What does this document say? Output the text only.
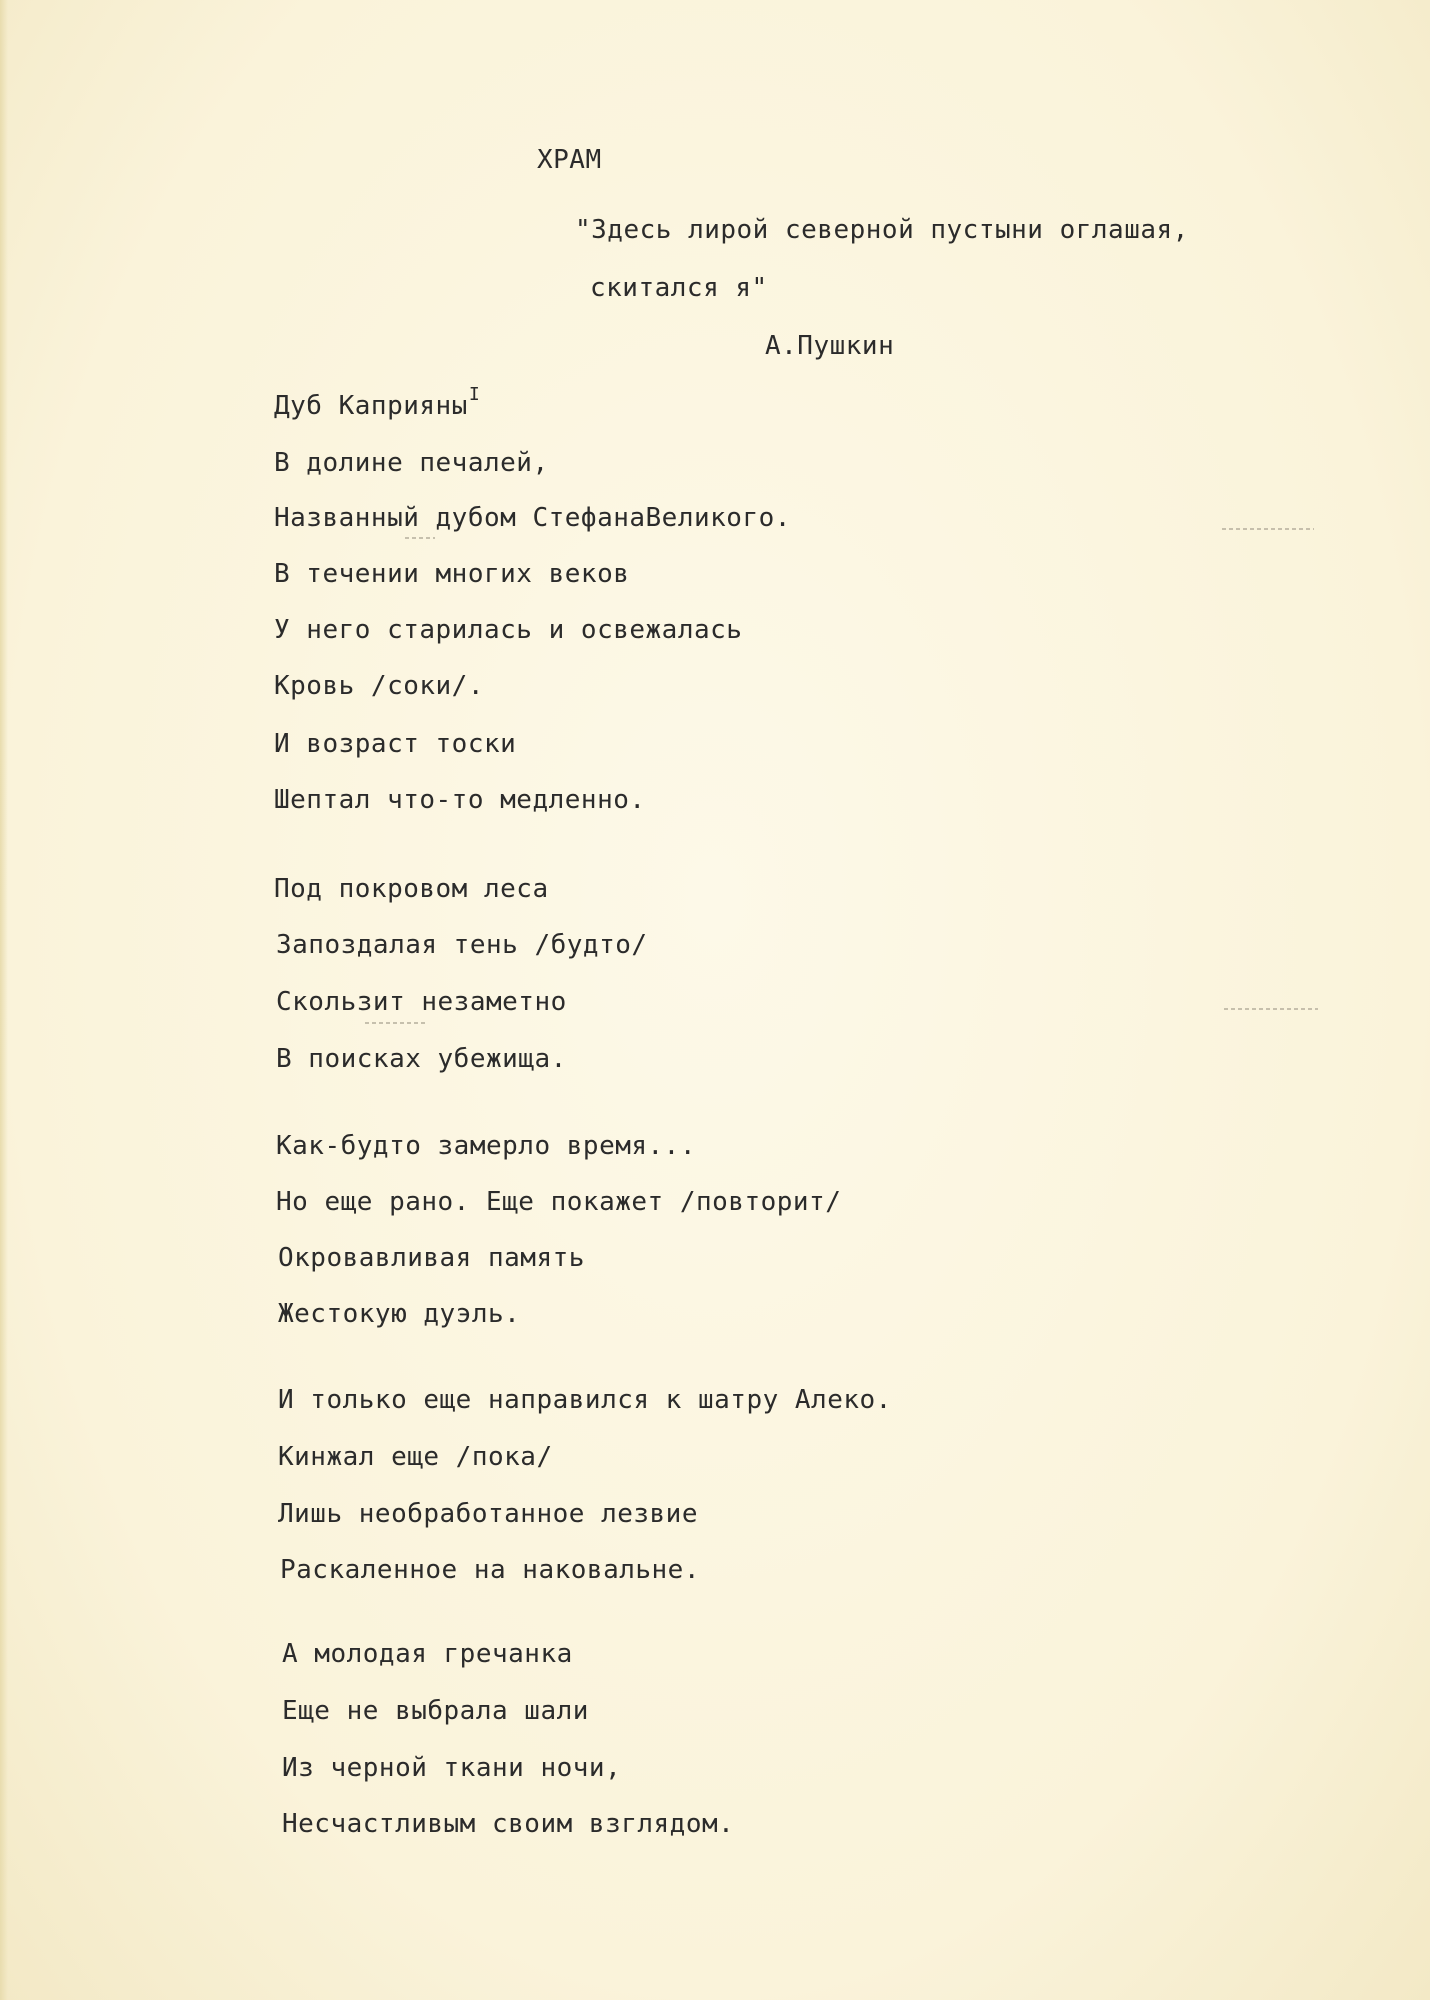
ХРАМ
"Здесь лирой северной пустыни оглашая,
скитался я"
А.Пушкин
Дуб Каприяны$^I$
В долине печалей,
Названный дубом СтефанаВеликого.
В течении многих веков
У него старилась и освежалась
Кровь /соки/.
И возраст тоски
Шептал что-то медленно.
Под покровом леса
Запоздалая тень /будто/
Скользит незаметно
В поисках убежища.
Как-будто замерло время...
Но еще рано. Еще покажет /повторит/
Окровавливая память
Жестокую дуэль.
И только еще направился к шатру Алеко.
Кинжал еще /пока/
Лишь необработанное лезвие
Раскаленное на наковальне.
А молодая гречанка
Еще не выбрала шали
Из черной ткани ночи,
Несчастливым своим взглядом.
